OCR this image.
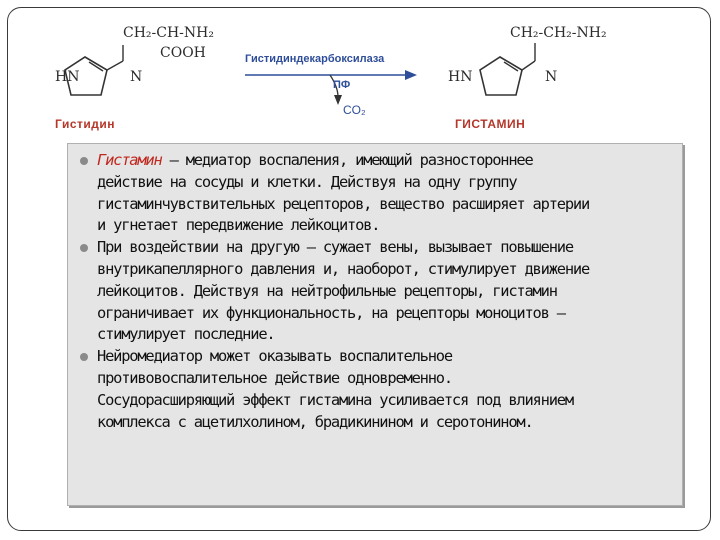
CH₂-CH-NH₂
COOH
HN	N
Гистидин
Гистидиндекарбоксилаза
ПФ
CO₂
CH₂-CH₂-NH₂
HN	N
ГИСТАМИН
Гистамин – медиатор воспаления, имеющий разностороннее
действие на сосуды и клетки. Действуя на одну группу
гистаминчувствительных рецепторов, вещество расширяет артерии
и угнетает передвижение лейкоцитов.
При воздействии на другую – сужает вены, вызывает повышение
внутрикапеллярного давления и, наоборот, стимулирует движение
лейкоцитов. Действуя на нейтрофильные рецепторы, гистамин
ограничивает их функциональность, на рецепторы моноцитов –
стимулирует последние.
Нейромедиатор может оказывать воспалительное
противовоспалительное действие одновременно.
Сосудорасширяющий эффект гистамина усиливается под влиянием
комплекса с ацетилхолином, брадикинином и серотонином.
